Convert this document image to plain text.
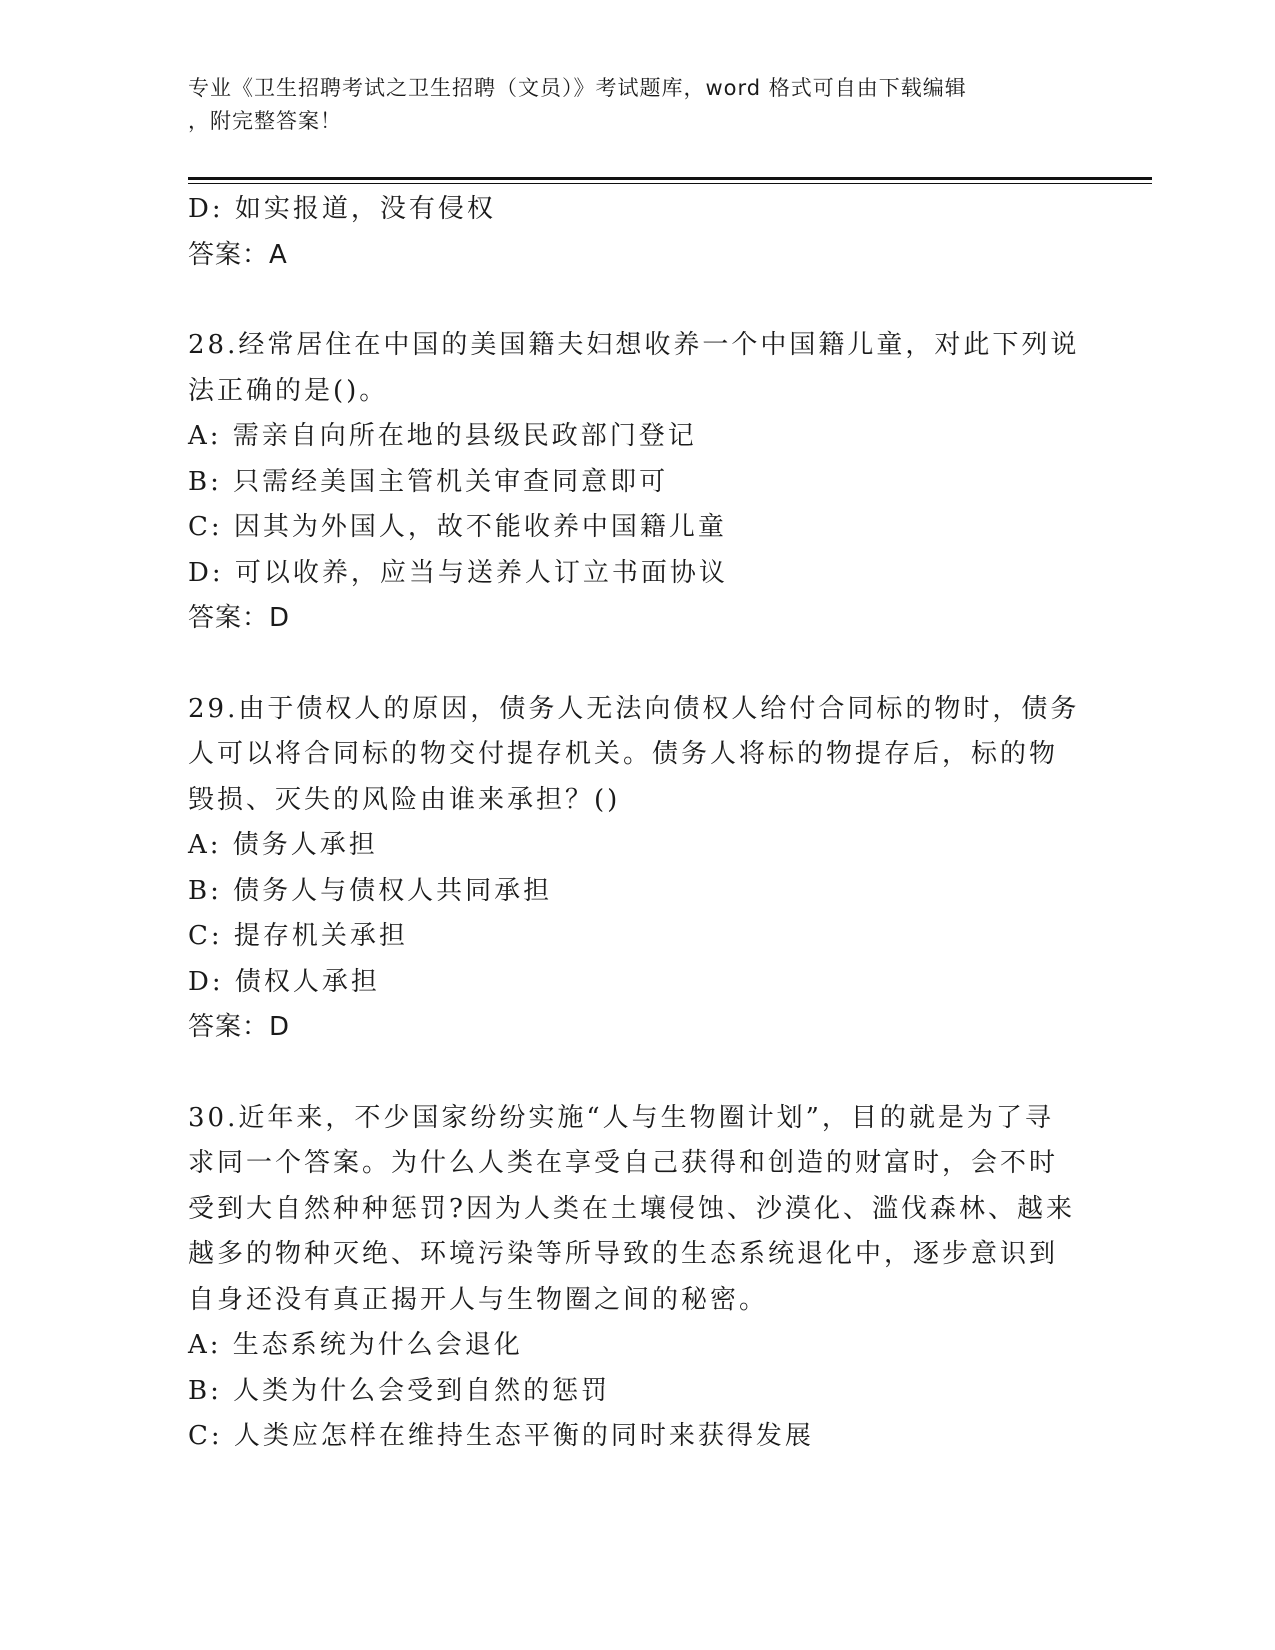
专业《卫生招聘考试之卫生招聘（文员）》考试题库，word 格式可自由下载编辑
，附完整答案！
D: 如实报道，没有侵权
答案：A
28.经常居住在中国的美国籍夫妇想收养一个中国籍儿童，对此下列说
法正确的是()。
A: 需亲自向所在地的县级民政部门登记
B: 只需经美国主管机关审查同意即可
C: 因其为外国人，故不能收养中国籍儿童
D: 可以收养，应当与送养人订立书面协议
答案：D
29.由于债权人的原因，债务人无法向债权人给付合同标的物时，债务
人可以将合同标的物交付提存机关。债务人将标的物提存后，标的物
毁损、灭失的风险由谁来承担？()
A: 债务人承担
B: 债务人与债权人共同承担
C: 提存机关承担
D: 债权人承担
答案：D
30.近年来，不少国家纷纷实施“人与生物圈计划”，目的就是为了寻
求同一个答案。为什么人类在享受自己获得和创造的财富时，会不时
受到大自然种种惩罚?因为人类在土壤侵蚀、沙漠化、滥伐森林、越来
越多的物种灭绝、环境污染等所导致的生态系统退化中，逐步意识到
自身还没有真正揭开人与生物圈之间的秘密。
A: 生态系统为什么会退化
B: 人类为什么会受到自然的惩罚
C: 人类应怎样在维持生态平衡的同时来获得发展
